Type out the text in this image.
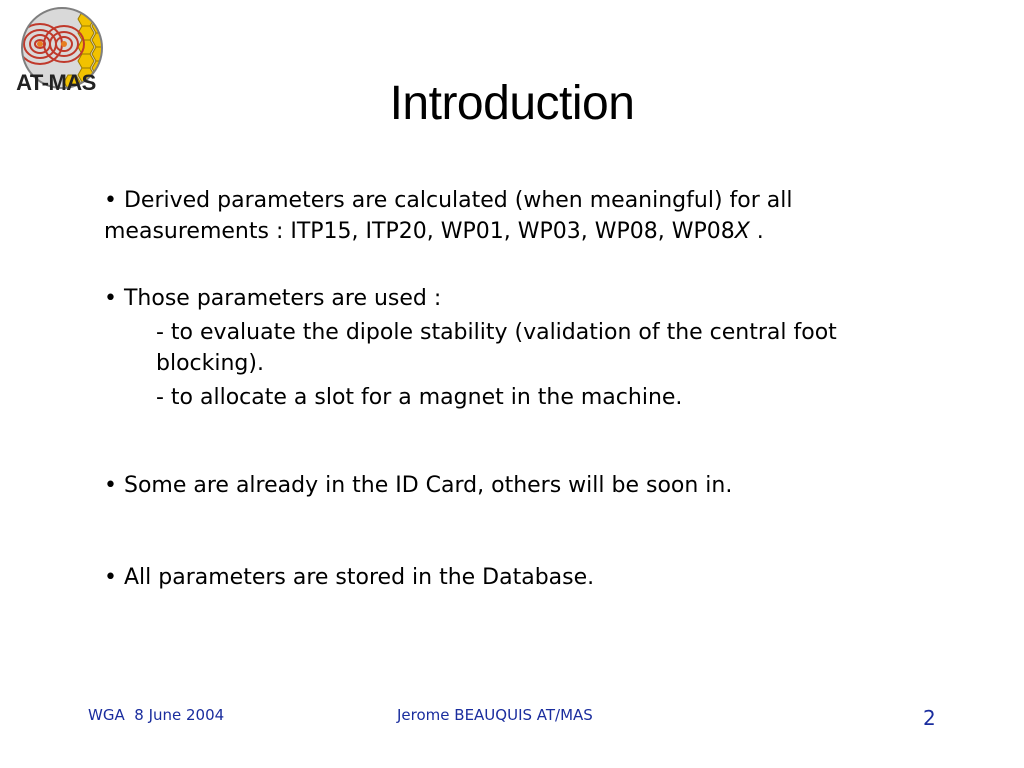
AT-MAS	Introduction

• Derived parameters are calculated (when meaningful) for all measurements : ITP15, ITP20, WP01, WP03, WP08, WP08X .

• Those parameters are used :
- to evaluate the dipole stability (validation of the central foot blocking).
- to allocate a slot for a magnet in the machine.

• Some are already in the ID Card, others will be soon in.

• All parameters are stored in the Database.

WGA  8 June 2004	Jerome BEAUQUIS AT/MAS	2
